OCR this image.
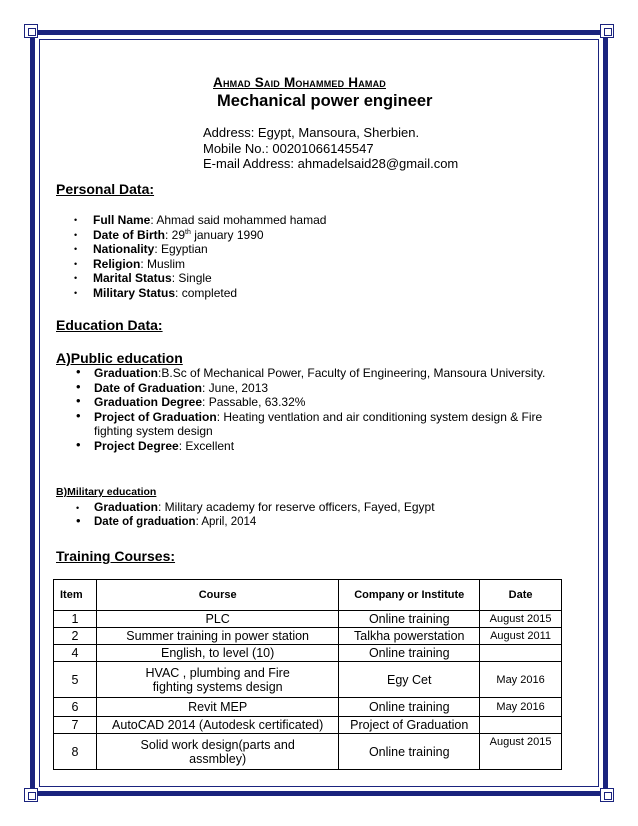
Ahmad Said Mohammed Hamad
Mechanical power engineer
Address: Egypt, Mansoura, Sherbien.
Mobile No.: 00201066145547
E-mail Address: ahmadelsaid28@gmail.com
Personal Data:
• Full Name: Ahmad said mohammed hamad
• Date of Birth: 29th january 1990
• Nationality: Egyptian
• Religion: Muslim
• Marital Status: Single
• Military Status: completed
Education Data:
A)Public education
• Graduation:B.Sc of Mechanical Power, Faculty of Engineering, Mansoura University.
• Date of Graduation: June, 2013
• Graduation Degree: Passable, 63.32%
• Project of Graduation: Heating ventlation and air conditioning system design & Fire fighting system design
• Project Degree: Excellent
B)Military education
• Graduation: Military academy for reserve officers, Fayed, Egypt
• Date of graduation: April, 2014
Training Courses:
Item	Course	Company or Institute	Date
1	PLC	Online training	August 2015
2	Summer training in power station	Talkha powerstation	August 2011
4	English, to level (10)	Online training	
5	HVAC , plumbing and Fire
fighting systems design	Egy Cet	May 2016
6	Revit MEP	Online training	May 2016
7	AutoCAD 2014 (Autodesk certificated)	Project of Graduation	
8	Solid work design(parts and
assmbley)	Online training	August 2015
